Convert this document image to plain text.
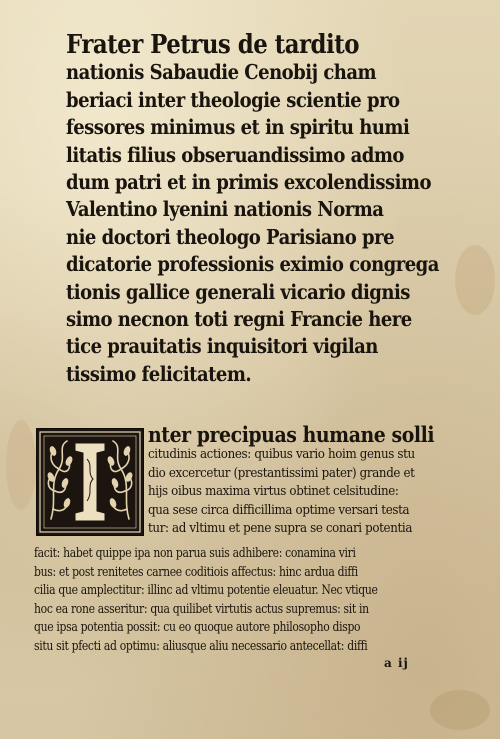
Frater Petrus de tardito
nationis Sabaudie Cenobij cham
beriaci inter theologie scientie pro
fessores minimus et in spiritu humi
litatis filius obseruandissimo admo
dum patri et in primis excolendissimo
Valentino lyenini nationis Norma
nie doctori theologo Parisiano pre
dicatorie professionis eximio congrega
tionis gallice generali vicario dignis
simo necnon toti regni Francie here
tice prauitatis inquisitori vigilan
tissimo felicitatem.
nter precipuas humane solli
citudinis actiones: quibus vario hoim genus stu
dio excercetur (prestantissimi pater) grande et
hijs oibus maxima virtus obtinet celsitudine:
qua sese circa difficillima optime versari testa
tur: ad vltimu et pene supra se conari potentia
facit: habet quippe ipa non parua suis adhibere: conamina viri
bus: et post renitetes carnee coditiois affectus: hinc ardua diffi
cilia que amplectitur: illinc ad vltimu potentie eleuatur. Nec vtique
hoc ea rone asseritur: qua quilibet virtutis actus supremus: sit in
que ipsa potentia possit: cu eo quoque autore philosopho dispo
situ sit pfecti ad optimu: aliusque aliu necessario antecellat: diffi
a ij
